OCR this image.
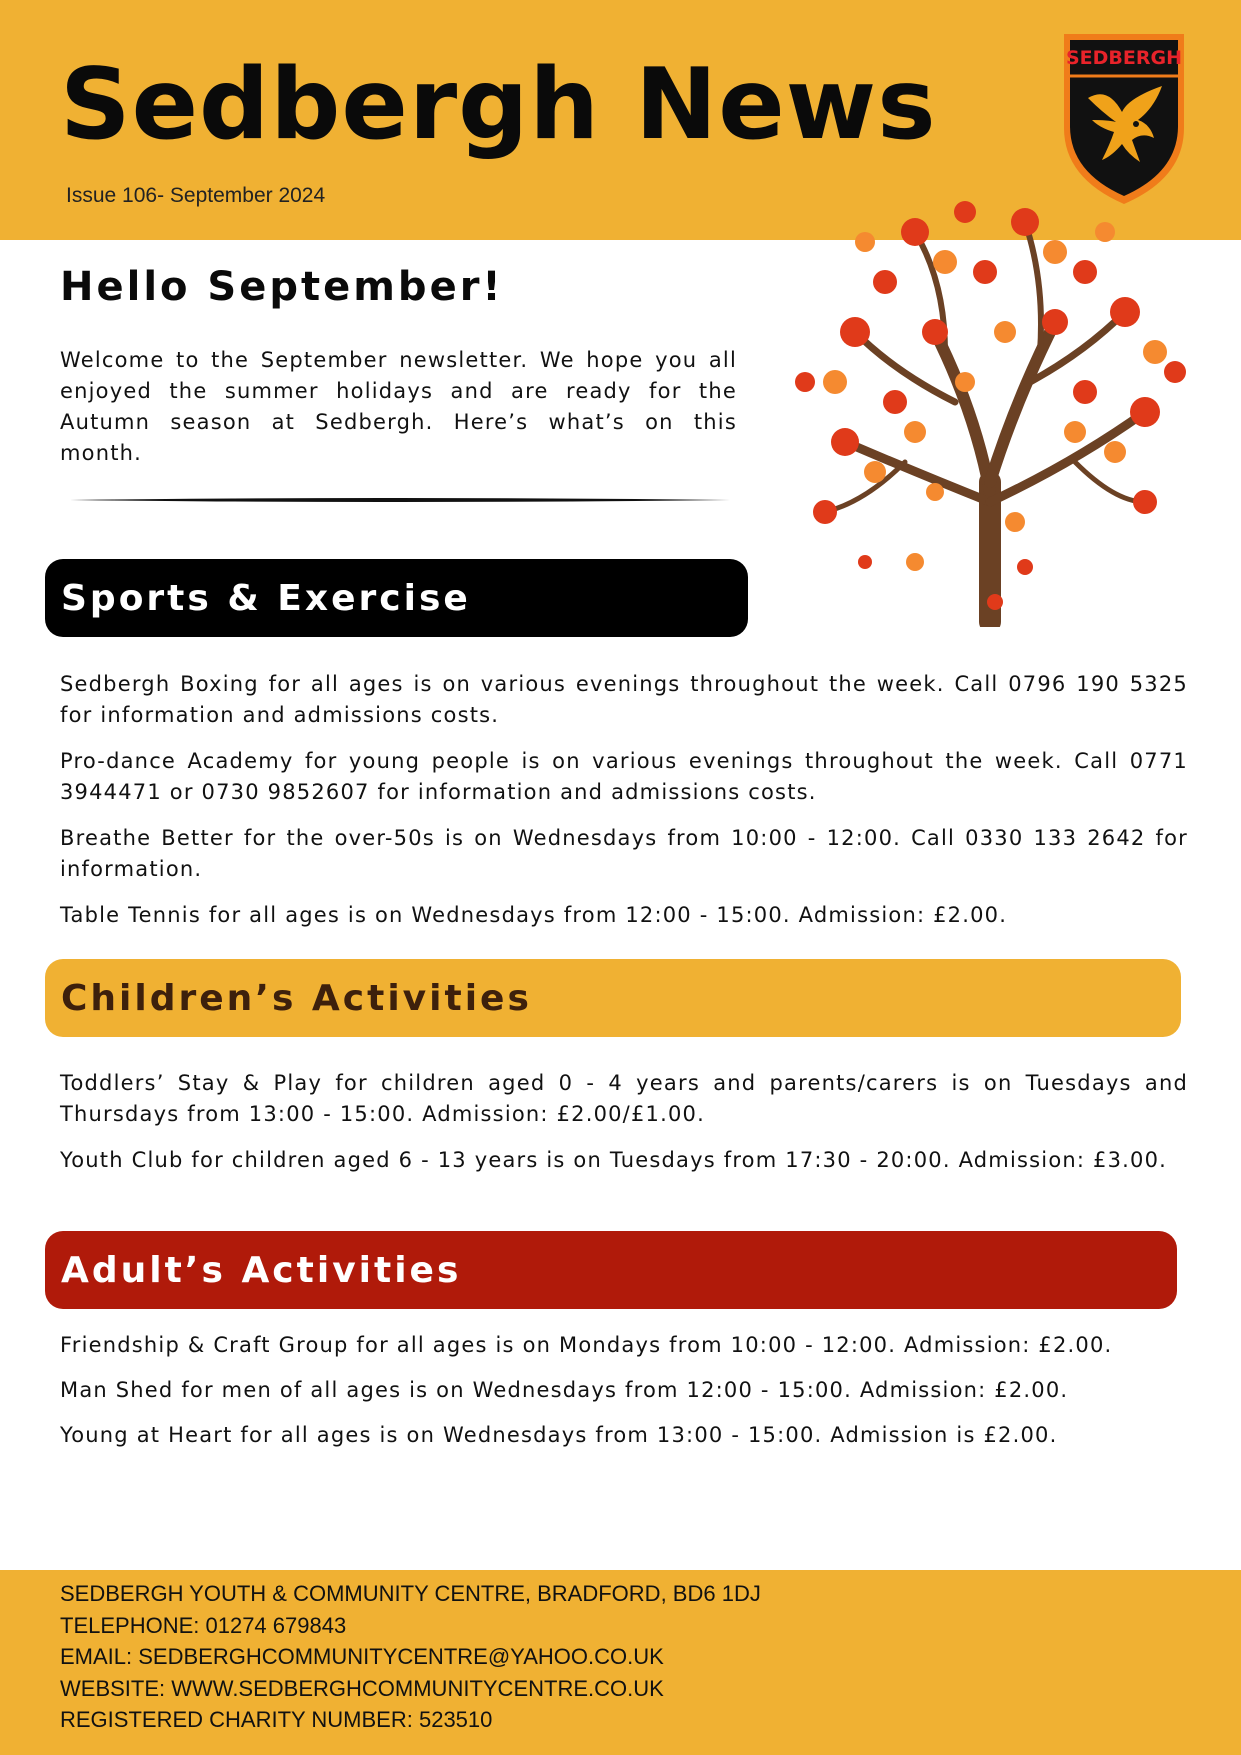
Sedbergh News
Issue 106- September 2024
SEDBERGH
Hello September!

Welcome to the September newsletter. We hope you all enjoyed the summer holidays and are ready for the Autumn season at Sedbergh. Here’s what’s on this month.

Sports & Exercise

Sedbergh Boxing for all ages is on various evenings throughout the week. Call 0796 190 5325 for information and admissions costs.

Pro-dance Academy for young people is on various evenings throughout the week. Call 0771 3944471 or 0730 9852607 for information and admissions costs.

Breathe Better for the over-50s is on Wednesdays from 10:00 - 12:00. Call 0330 133 2642 for information.

Table Tennis for all ages is on Wednesdays from 12:00 - 15:00. Admission: £2.00.

Children’s Activities

Toddlers’ Stay & Play for children aged 0 - 4 years and parents/carers is on Tuesdays and Thursdays from 13:00 - 15:00. Admission: £2.00/£1.00.

Youth Club for children aged 6 - 13 years is on Tuesdays from 17:30 - 20:00. Admission: £3.00.

Adult’s Activities

Friendship & Craft Group for all ages is on Mondays from 10:00 - 12:00. Admission: £2.00.

Man Shed for men of all ages is on Wednesdays from 12:00 - 15:00. Admission: £2.00.

Young at Heart for all ages is on Wednesdays from 13:00 - 15:00. Admission is £2.00.

SEDBERGH YOUTH & COMMUNITY CENTRE, BRADFORD, BD6 1DJ
TELEPHONE: 01274 679843
EMAIL: SEDBERGHCOMMUNITYCENTRE@YAHOO.CO.UK
WEBSITE: WWW.SEDBERGHCOMMUNITYCENTRE.CO.UK
REGISTERED CHARITY NUMBER: 523510
